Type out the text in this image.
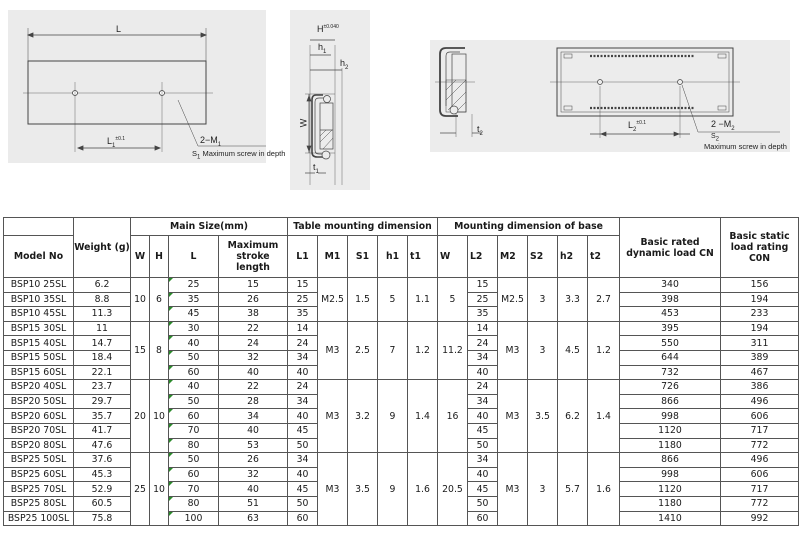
L
$L_1^{\pm 0.1}$	$2-M_1$
$S_1$ Maximum screw in depth
$H^{\pm 0.040}$
$h_1$
$h_2$
W
$t_1$
$t_2$
$L_2^{\pm 0.1}$	$2 -M_2$
$S_2$
Maximum screw in depth
	Weight (g)	Main Size(mm)				Table mounting dimension					Mounting dimension of base						Basic rated dynamic load CN	Basic static load rating C0N
Model No		W	H	L	Maximum stroke length	L1	M1	S1	h1	t1	W	L2	M2	S2	h2	t2		
BSP10 25SL	6.2	10	6	25	15	15	M2.5	1.5	5	1.1	5	15	M2.5	3	3.3	2.7	340	156
BSP10 35SL	8.8			35	26	25						25					398	194
BSP10 45SL	11.3			45	38	35						35					453	233
BSP15 30SL	11	15	8	30	22	14	M3	2.5	7	1.2	11.2	14	M3	3	4.5	1.2	395	194
BSP15 40SL	14.7			40	24	24						24					550	311
BSP15 50SL	18.4			50	32	34						34					644	389
BSP15 60SL	22.1			60	40	40						40					732	467
BSP20 40SL	23.7	20	10	40	22	24	M3	3.2	9	1.4	16	24	M3	3.5	6.2	1.4	726	386
BSP20 50SL	29.7			50	28	34						34					866	496
BSP20 60SL	35.7			60	34	40						40					998	606
BSP20 70SL	41.7			70	40	45						45					1120	717
BSP20 80SL	47.6			80	53	50						50					1180	772
BSP25 50SL	37.6	25	10	50	26	34	M3	3.5	9	1.6	20.5	34	M3	3	5.7	1.6	866	496
BSP25 60SL	45.3			60	32	40						40					998	606
BSP25 70SL	52.9			70	40	45						45					1120	717
BSP25 80SL	60.5			80	51	50						50					1180	772
BSP25 100SL	75.8			100	63	60						60					1410	992
